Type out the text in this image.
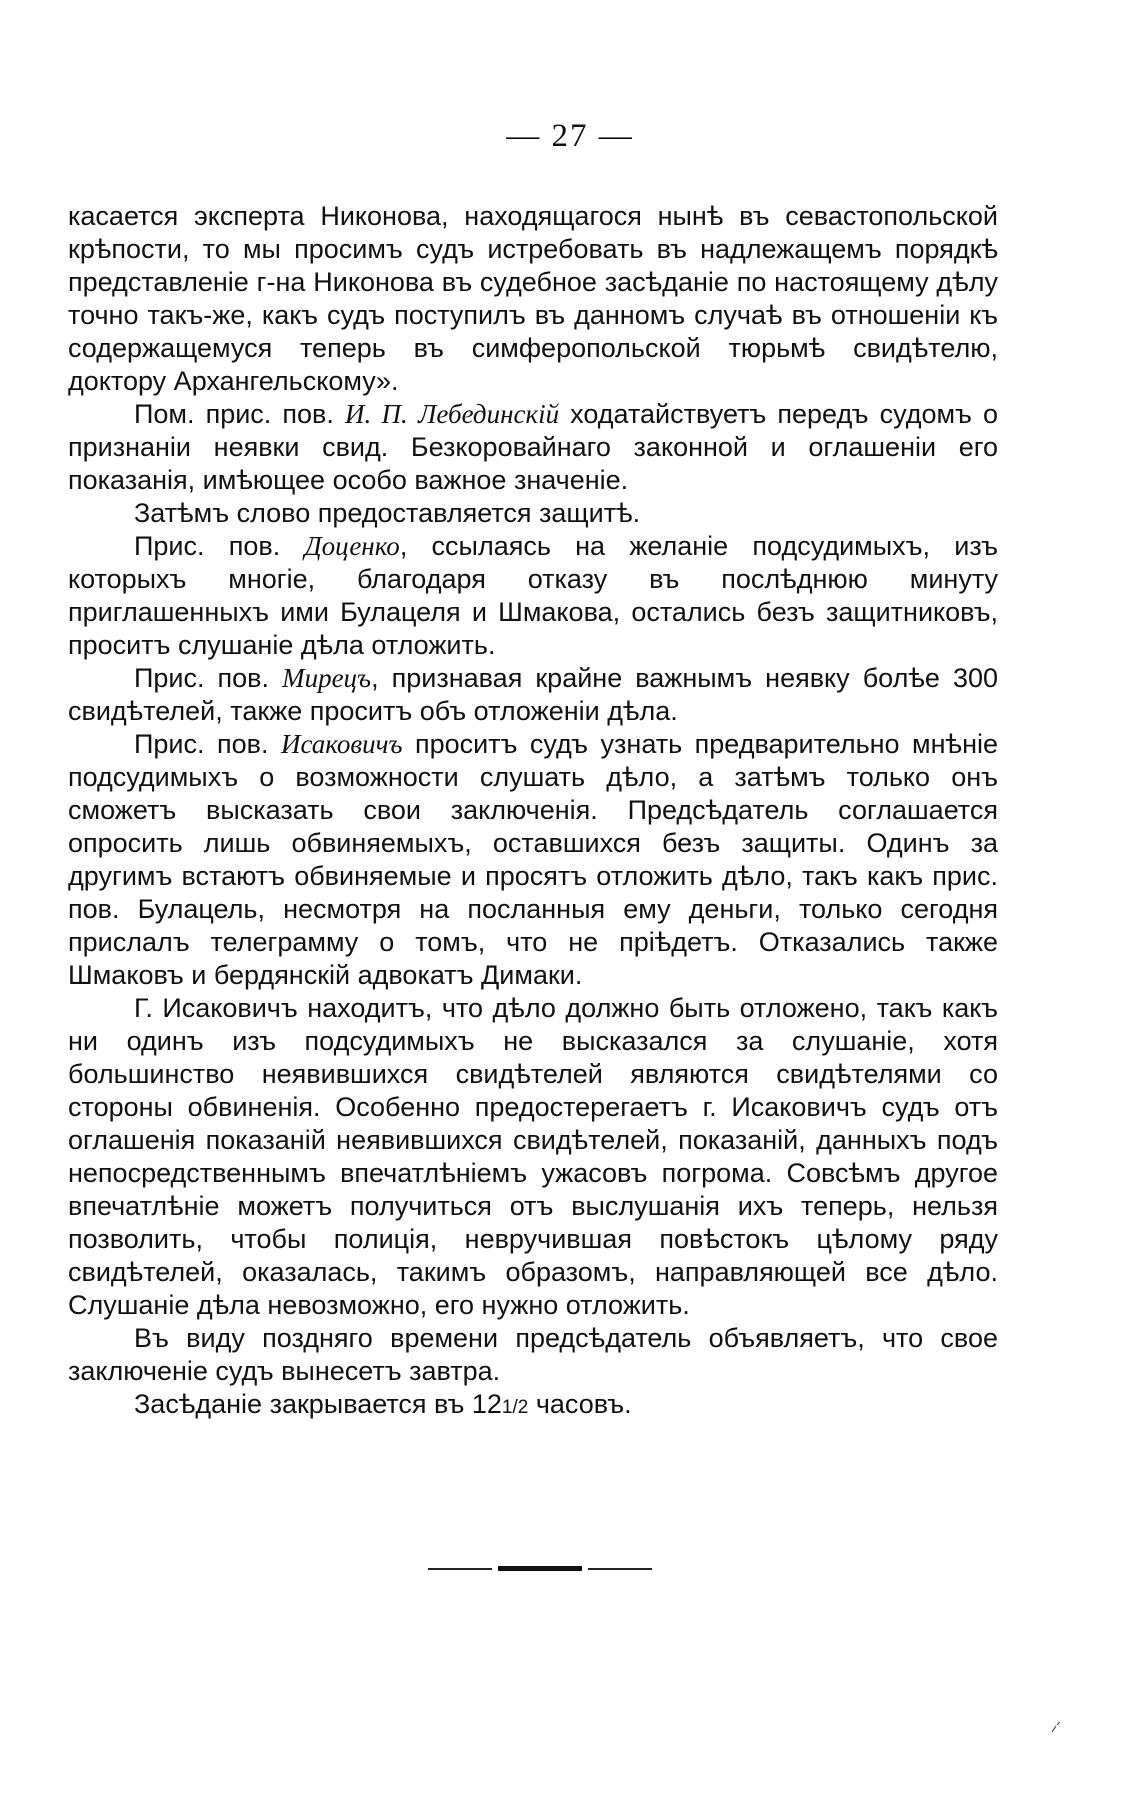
— 27 —

касается эксперта Никонова, находящагося нынѣ въ севастопольской крѣпости, то мы просимъ судъ истребовать въ надлежащемъ порядкѣ представленіе г-на Никонова въ судебное засѣданіе по настоящему дѣлу точно такъ-же, какъ судъ поступилъ въ данномъ случаѣ въ отношеніи къ содержащемуся теперь въ симферопольской тюрьмѣ свидѣтелю, доктору Архангельскому».

Пом. прис. пов. И. П. Лебединскій ходатайствуетъ передъ судомъ о признаніи неявки свид. Безкоровайнаго законной и оглашеніи его показанія, имѣющее особо важное значеніе.

Затѣмъ слово предоставляется защитѣ.

Прис. пов. Доценко, ссылаясь на желаніе подсудимыхъ, изъ которыхъ многіе, благодаря отказу въ послѣднюю минуту приглашенныхъ ими Булацеля и Шмакова, остались безъ защитниковъ, проситъ слушаніе дѣла отложить.

Прис. пов. Мирецъ, признавая крайне важнымъ неявку болѣе 300 свидѣтелей, также проситъ объ отложеніи дѣла.

Прис. пов. Исаковичъ проситъ судъ узнать предварительно мнѣніе подсудимыхъ о возможности слушать дѣло, а затѣмъ только онъ сможетъ высказать свои заключенія. Предсѣдатель соглашается опросить лишь обвиняемыхъ, оставшихся безъ защиты. Одинъ за другимъ встаютъ обвиняемые и просятъ отложить дѣло, такъ какъ прис. пов. Булацель, несмотря на посланныя ему деньги, только сегодня прислалъ телеграмму о томъ, что не пріѣдетъ. Отказались также Шмаковъ и бердянскій адвокатъ Димаки.

Г. Исаковичъ находитъ, что дѣло должно быть отложено, такъ какъ ни одинъ изъ подсудимыхъ не высказался за слушаніе, хотя большинство неявившихся свидѣтелей являются свидѣтелями со стороны обвиненія. Особенно предостерегаетъ г. Исаковичъ судъ отъ оглашенія показаній неявившихся свидѣтелей, показаній, данныхъ подъ непосредственнымъ впечатлѣніемъ ужасовъ погрома. Совсѣмъ другое впечатлѣніе можетъ получиться отъ выслушанія ихъ теперь, нельзя позволить, чтобы полиція, невручившая повѣстокъ цѣлому ряду свидѣтелей, оказалась, такимъ образомъ, направляющей все дѣло. Слушаніе дѣла невозможно, его нужно отложить.

Въ виду поздняго времени предсѣдатель объявляетъ, что свое заключеніе судъ вынесетъ завтра.

Засѣданіе закрывается въ 121/2 часовъ.
